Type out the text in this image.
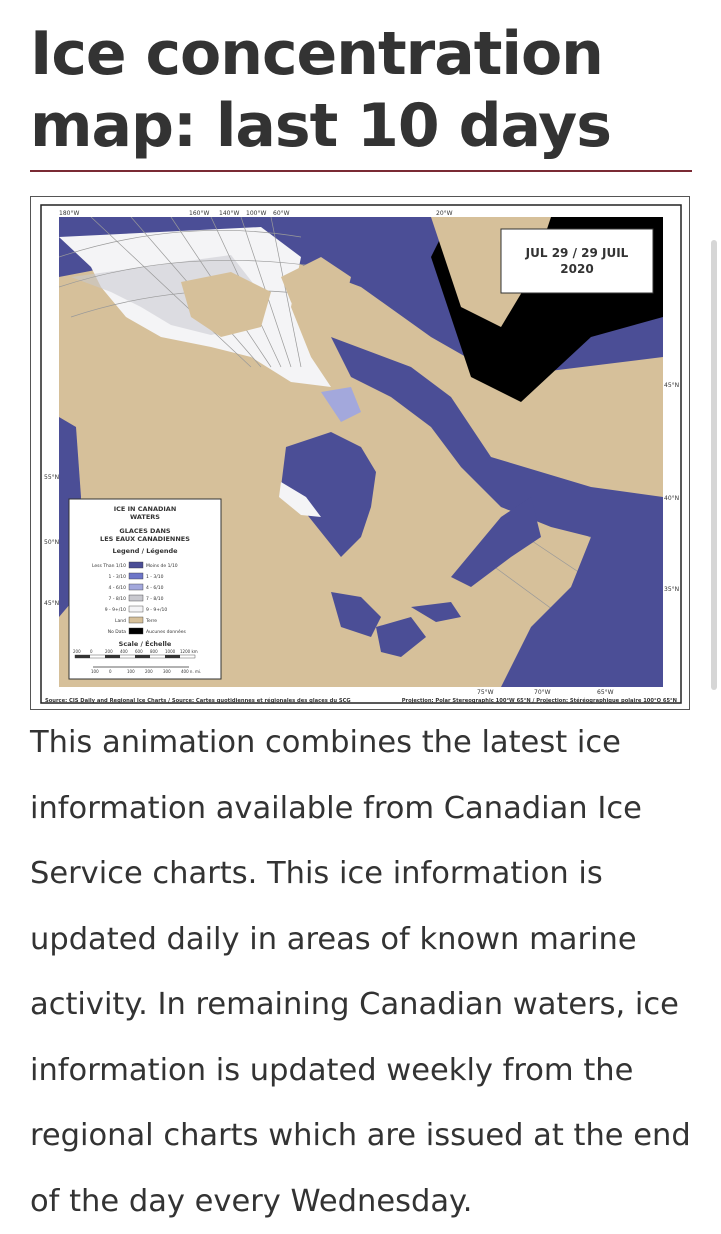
Ice concentration map: last 10 days
180°W	160°W 140°W 100°W 60°W	20°W
75°W	70°W	65°W
55°N
50°N
45°N
45°N
40°N
35°N
JUL 29 / 29 JUIL
2020
ICE IN CANADIAN
WATERS
GLACES DANS
LES EAUX CANADIENNES
Legend / Légende
Less Than 1/10	Moins de 1/10
1 - 3/10	1 - 3/10
4 - 6/10	4 - 6/10
7 - 8/10	7 - 8/10
9 - 9+/10	9 - 9+/10
Land	Terre
No Data	Aucunes données
Scale / Échelle
200 0	200 400 600 800 1000 1200 km
100	0	100	200	300	400 n. mi.
Source: CIS Daily and Regional Ice Charts / Source: Cartes quotidiennes et régionales des glaces du SCG	Projection: Polar Stereographic 100°W 65°N / Projection: Stéréographique polaire 100°O 65°N

This animation combines the latest ice information available from Canadian Ice Service charts. This ice information is updated daily in areas of known marine activity. In remaining Canadian waters, ice information is updated weekly from the regional charts which are issued at the end of the day every Wednesday.
